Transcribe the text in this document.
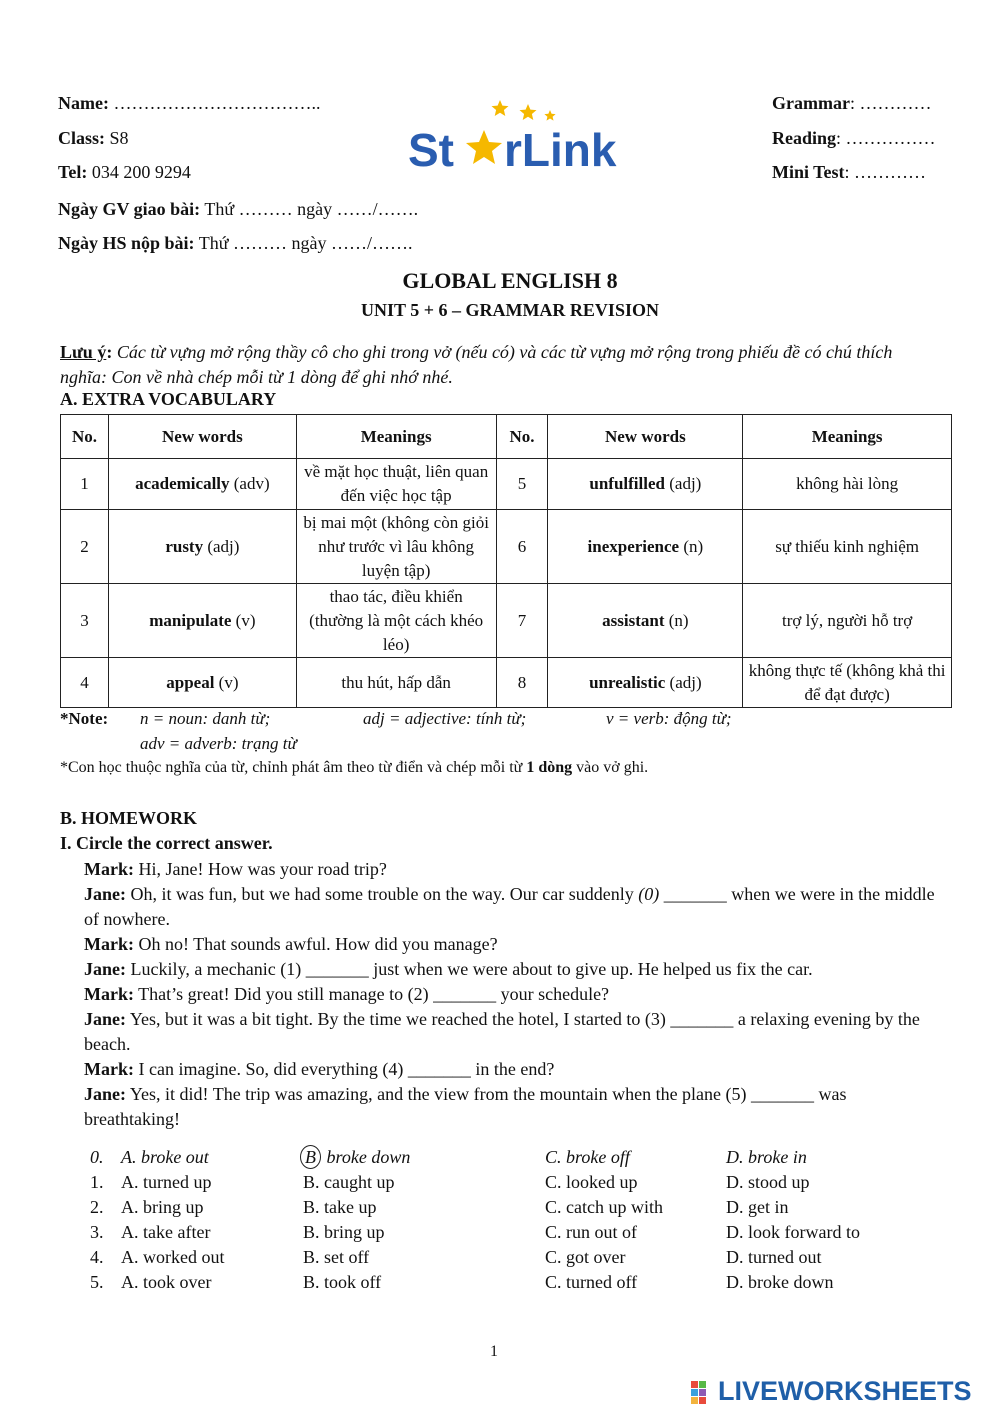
Name: ……………………………..
Class: S8
Tel: 034 200 9294
Ngày GV giao bài: Thứ ……… ngày ……/…….
Ngày HS nộp bài: Thứ ……… ngày ……/…….
Grammar: …………
Reading: ……………
Mini Test: …………
St rLink
GLOBAL ENGLISH 8
UNIT 5 + 6 – GRAMMAR REVISION
Lưu ý: Các từ vựng mở rộng thầy cô cho ghi trong vở (nếu có) và các từ vựng mở rộng trong phiếu đề có chú thích nghĩa: Con về nhà chép mỗi từ 1 dòng để ghi nhớ nhé.
A. EXTRA VOCABULARY
No.	New words	Meanings	No.	New words	Meanings
1	academically (adv)	về mặt học thuật, liên quan đến việc học tập	5	unfulfilled (adj)	không hài lòng
2	rusty (adj)	bị mai một (không còn giỏi như trước vì lâu không luyện tập)	6	inexperience (n)	sự thiếu kinh nghiệm
3	manipulate (v)	thao tác, điều khiển (thường là một cách khéo léo)	7	assistant (n)	trợ lý, người hỗ trợ
4	appeal (v)	thu hút, hấp dẫn	8	unrealistic (adj)	không thực tế (không khả thi để đạt được)
*Note: n = noun: danh từ;	adj = adjective: tính từ;	v = verb: động từ;
adv = adverb: trạng từ
*Con học thuộc nghĩa của từ, chỉnh phát âm theo từ điển và chép mỗi từ 1 dòng vào vở ghi.
B. HOMEWORK
I. Circle the correct answer.
Mark: Hi, Jane! How was your road trip?
Jane: Oh, it was fun, but we had some trouble on the way. Our car suddenly (0) _______ when we were in the middle of nowhere.
Mark: Oh no! That sounds awful. How did you manage?
Jane: Luckily, a mechanic (1) _______ just when we were about to give up. He helped us fix the car.
Mark: That’s great! Did you still manage to (2) _______ your schedule?
Jane: Yes, but it was a bit tight. By the time we reached the hotel, I started to (3) _______ a relaxing evening by the beach.
Mark: I can imagine. So, did everything (4) _______ in the end?
Jane: Yes, it did! The trip was amazing, and the view from the mountain when the plane (5) _______ was breathtaking!
0. A. broke out	B broke down	C. broke off	D. broke in
1. A. turned up	B. caught up	C. looked up	D. stood up
2. A. bring up	B. take up	C. catch up with	D. get in
3. A. take after	B. bring up	C. run out of	D. look forward to
4. A. worked out	B. set off	C. got over	D. turned out
5. A. took over	B. took off	C. turned off	D. broke down
1
LIVEWORKSHEETS
